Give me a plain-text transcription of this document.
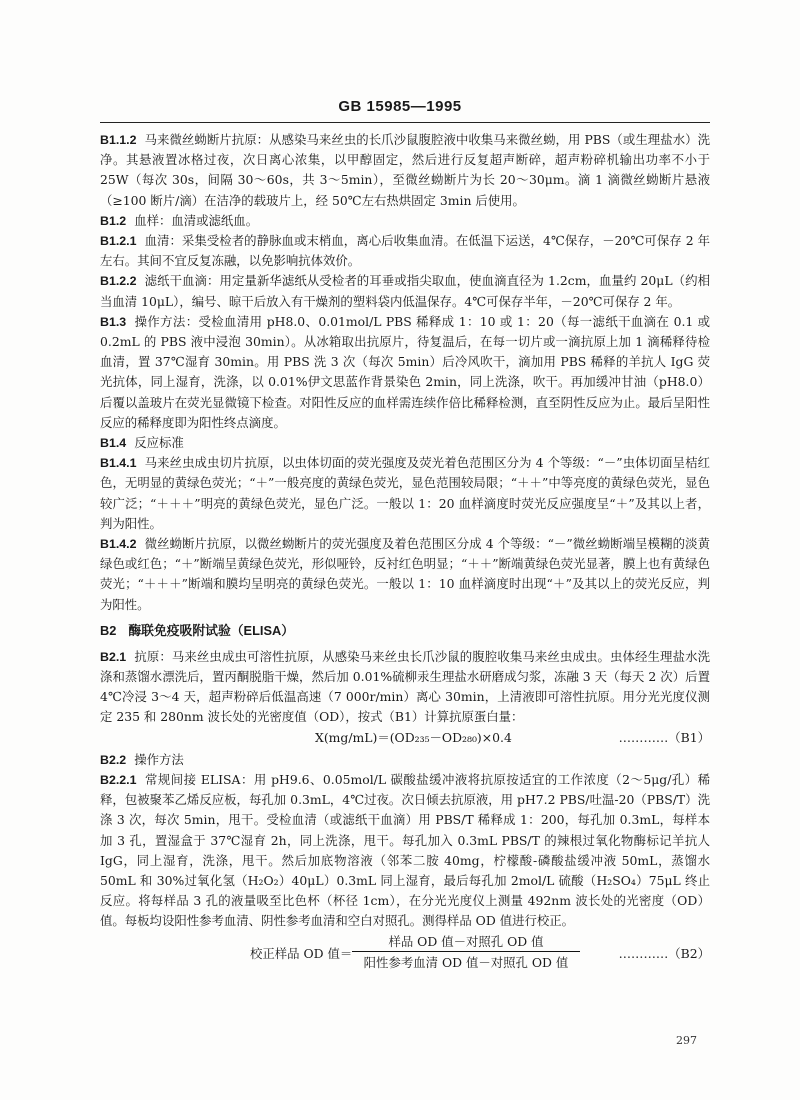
GB 15985—1995

B1.1.2 马来微丝蚴断片抗原：从感染马来丝虫的长爪沙鼠腹腔液中收集马来微丝蚴，用 PBS（或生理盐水）洗净。其悬液置冰格过夜，次日离心浓集，以甲醇固定，然后进行反复超声断碎，超声粉碎机输出功率不小于 25W（每次 30s，间隔 30～60s，共 3～5min），至微丝蚴断片为长 20～30μm。滴 1 滴微丝蚴断片悬液（≥100 断片/滴）在洁净的载玻片上，经 50℃左右热烘固定 3min 后使用。

B1.2 血样：血清或滤纸血。

B1.2.1 血清：采集受检者的静脉血或末梢血，离心后收集血清。在低温下运送，4℃保存，－20℃可保存 2 年左右。其间不宜反复冻融，以免影响抗体效价。

B1.2.2 滤纸干血滴：用定量新华滤纸从受检者的耳垂或指尖取血，使血滴直径为 1.2cm，血量约 20μL（约相当血清 10μL），编号、晾干后放入有干燥剂的塑料袋内低温保存。4℃可保存半年，－20℃可保存 2 年。

B1.3 操作方法：受检血清用 pH8.0、0.01mol/L PBS 稀释成 1：10 或 1：20（每一滤纸干血滴在 0.1 或 0.2mL 的 PBS 液中浸泡 30min）。从冰箱取出抗原片，待复温后，在每一切片或一滴抗原上加 1 滴稀释待检血清，置 37℃湿育 30min。用 PBS 洗 3 次（每次 5min）后冷风吹干，滴加用 PBS 稀释的羊抗人 IgG 荧光抗体，同上湿育，洗涤，以 0.01%伊文思蓝作背景染色 2min，同上洗涤，吹干。再加缓冲甘油（pH8.0）后覆以盖玻片在荧光显微镜下检查。对阳性反应的血样需连续作倍比稀释检测，直至阴性反应为止。最后呈阳性反应的稀释度即为阳性终点滴度。

B1.4 反应标准

B1.4.1 马来丝虫成虫切片抗原，以虫体切面的荧光强度及荧光着色范围区分为 4 个等级：“－”虫体切面呈桔红色，无明显的黄绿色荧光；“＋”一般亮度的黄绿色荧光，显色范围较局限；“＋＋”中等亮度的黄绿色荧光，显色较广泛；“＋＋＋”明亮的黄绿色荧光，显色广泛。一般以 1：20 血样滴度时荧光反应强度呈“＋”及其以上者，判为阳性。

B1.4.2 微丝蚴断片抗原，以微丝蚴断片的荧光强度及着色范围区分成 4 个等级：“－”微丝蚴断端呈模糊的淡黄绿色或红色；“＋”断端呈黄绿色荧光，形似哑铃，反衬红色明显；“＋＋”断端黄绿色荧光显著，膜上也有黄绿色荧光；“＋＋＋”断端和膜均呈明亮的黄绿色荧光。一般以 1：10 血样滴度时出现“＋”及其以上的荧光反应，判为阳性。

B2 酶联免疫吸附试验（ELISA）

B2.1 抗原：马来丝虫成虫可溶性抗原，从感染马来丝虫长爪沙鼠的腹腔收集马来丝虫成虫。虫体经生理盐水洗涤和蒸馏水漂洗后，置丙酮脱脂干燥，然后加 0.01%硫柳汞生理盐水研磨成匀浆，冻融 3 天（每天 2 次）后置 4℃冷浸 3～4 天，超声粉碎后低温高速（7 000r/min）离心 30min，上清液即可溶性抗原。用分光光度仪测定 235 和 280nm 波长处的光密度值（OD），按式（B1）计算抗原蛋白量：

X(mg/mL)＝(OD₂₃₅－OD₂₈₀)×0.4	…………（B1）

B2.2 操作方法

B2.2.1 常规间接 ELISA：用 pH9.6、0.05mol/L 碳酸盐缓冲液将抗原按适宜的工作浓度（2～5μg/孔）稀释，包被聚苯乙烯反应板，每孔加 0.3mL，4℃过夜。次日倾去抗原液，用 pH7.2 PBS/吐温-20（PBS/T）洗涤 3 次，每次 5min，甩干。受检血清（或滤纸干血滴）用 PBS/T 稀释成 1：200，每孔加 0.3mL，每样本加 3 孔，置湿盒于 37℃湿育 2h，同上洗涤，甩干。每孔加入 0.3mL PBS/T 的辣根过氧化物酶标记羊抗人 IgG，同上湿育，洗涤，甩干。然后加底物溶液（邻苯二胺 40mg，柠檬酸-磷酸盐缓冲液 50mL，蒸馏水 50mL 和 30%过氧化氢（H₂O₂）40μL）0.3mL 同上湿育，最后每孔加 2mol/L 硫酸（H₂SO₄）75μL 终止反应。将每样品 3 孔的液量吸至比色杯（杯径 1cm），在分光光度仪上测量 492nm 波长处的光密度（OD）值。每板均设阳性参考血清、阴性参考血清和空白对照孔。测得样品 OD 值进行校正。

校正样品 OD 值＝
样品 OD 值－对照孔 OD 值
阳性参考血清 OD 值－对照孔 OD 值
…………（B2）
297
